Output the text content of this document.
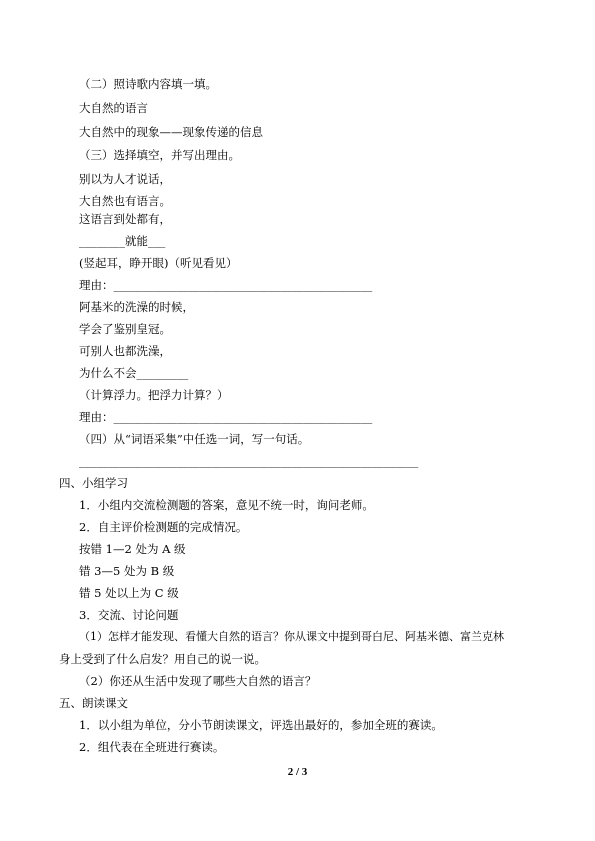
（二）照诗歌内容填一填。
大自然的语言
大自然中的现象——现象传递的信息
（三）选择填空，并写出理由。
别以为人才说话，
大自然也有语言。
这语言到处都有，
________就能___
(竖起耳，睁开眼)（听见看见）
理由：_____________________________________________
阿基米的洗澡的时候，
学会了鉴别皇冠。
可别人也都洗澡，
为什么不会_________
（计算浮力。把浮力计算？）
理由：_____________________________________________
（四）从“词语采集”中任选一词，写一句话。
___________________________________________________________
四、小组学习
1．小组内交流检测题的答案，意见不统一时，询问老师。
2．自主评价检测题的完成情况。
按错 1—2 处为 A 级
错 3—5 处为 B 级
错 5 处以上为 C 级
3．交流、讨论问题
（1）怎样才能发现、看懂大自然的语言？你从课文中提到哥白尼、阿基米德、富兰克林
身上受到了什么启发？用自己的说一说。
（2）你还从生活中发现了哪些大自然的语言？
五、朗读课文
1．以小组为单位，分小节朗读课文，评选出最好的，参加全班的赛读。
2．组代表在全班进行赛读。
2 / 3
